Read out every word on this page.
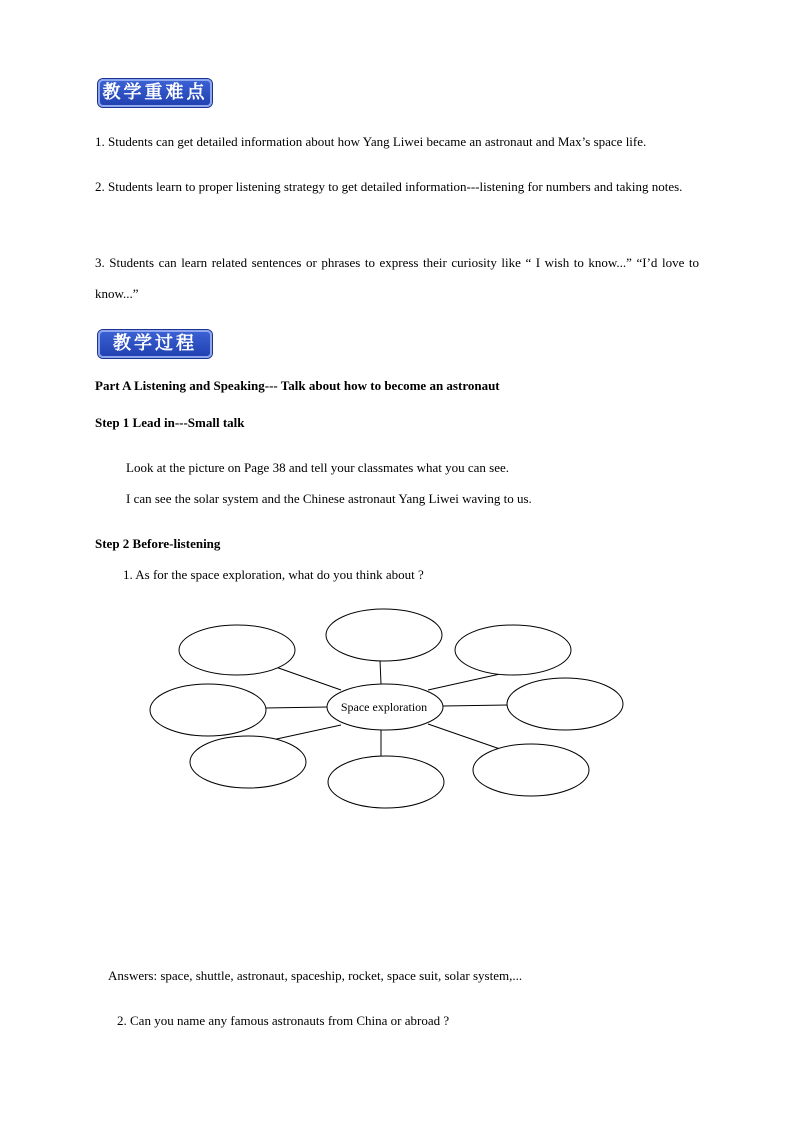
教学重难点
1. Students can get detailed information about how Yang Liwei became an astronaut and Max’s space life.
2. Students learn to proper listening strategy to get detailed information---listening for numbers and taking notes.
3. Students can learn related sentences or phrases to express their curiosity like “ I wish to know...” “I’d love to know...”
教学过程
Part A Listening and Speaking--- Talk about how to become an astronaut
Step 1 Lead in---Small talk
Look at the picture on Page 38 and tell your classmates what you can see.
I can see the solar system and the Chinese astronaut Yang Liwei waving to us.
Step 2 Before-listening
1. As for the space exploration, what do you think about ?
Space exploration
Answers: space, shuttle, astronaut, spaceship, rocket, space suit, solar system,...
2. Can you name any famous astronauts from China or abroad ?
